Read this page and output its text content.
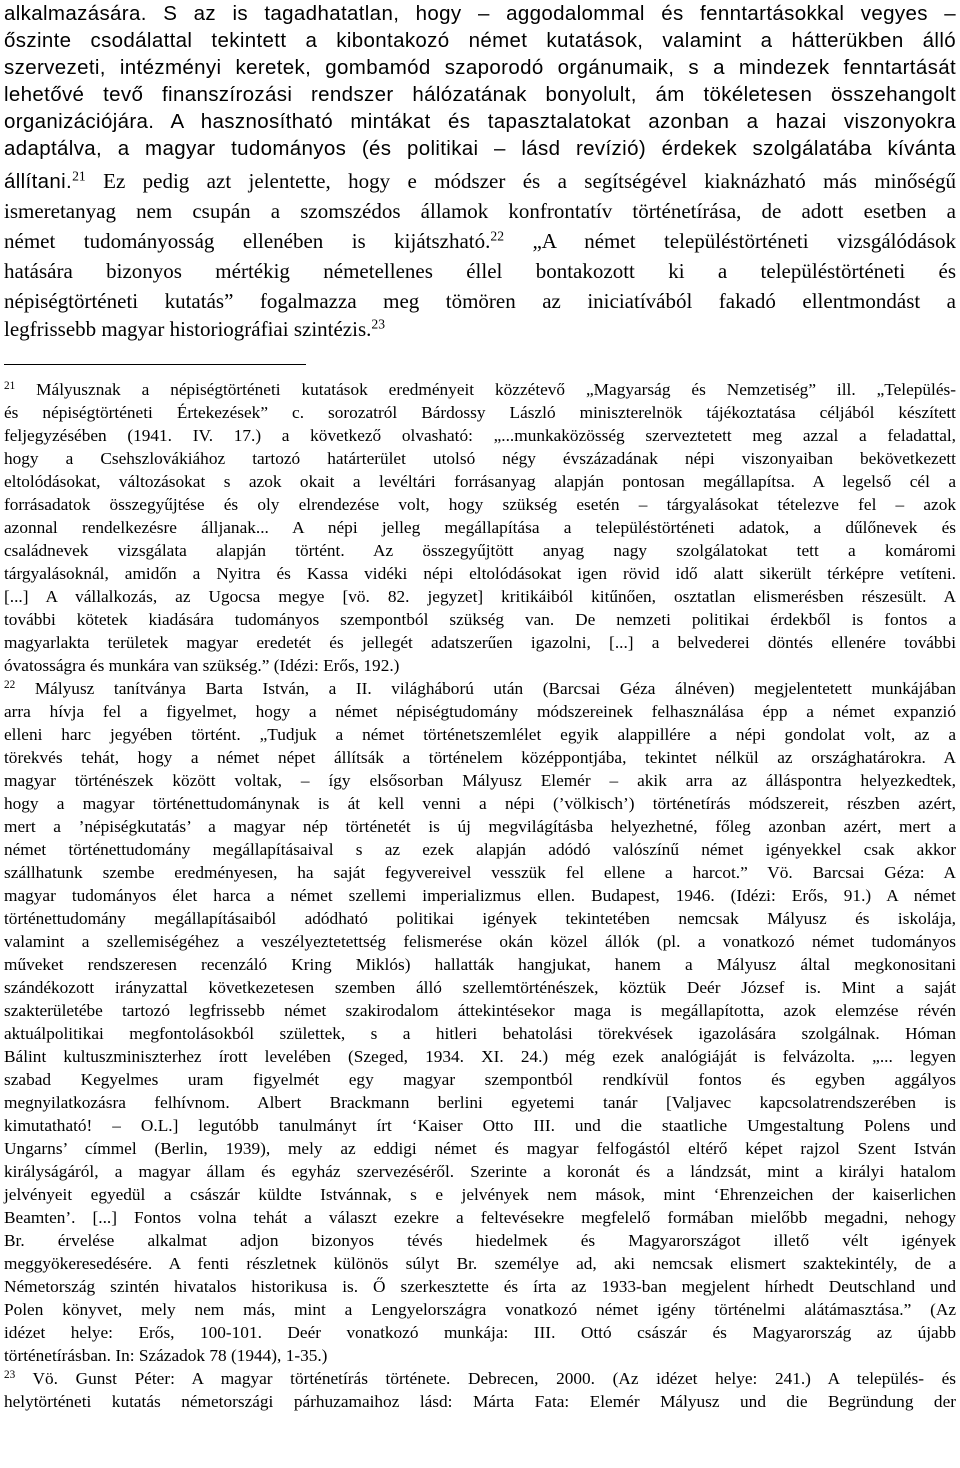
alkalmazására. S az is tagadhatatlan, hogy – aggodalommal és fenntartásokkal vegyes –
őszinte csodálattal tekintett a kibontakozó német kutatások, valamint a hátterükben álló
szervezeti, intézményi keretek, gombamód szaporodó orgánumaik, s a mindezek fenntartását
lehetővé tevő finanszírozási rendszer hálózatának bonyolult, ám tökéletesen összehangolt
organizációjára. A hasznosítható mintákat és tapasztalatokat azonban a hazai viszonyokra
adaptálva, a magyar tudományos (és politikai – lásd revízió) érdekek szolgálatába kívánta
állítani.$^{21}$ Ez pedig azt jelentette, hogy e módszer és a segítségével kiaknázható más minőségű
ismeretanyag nem csupán a szomszédos államok konfrontatív történetírása, de adott esetben a
német tudományosság ellenében is kijátszható.$^{22}$ „A német településtörténeti vizsgálódások
hatására bizonyos mértékig németellenes éllel bontakozott ki a településtörténeti és
népiségtörténeti kutatás” fogalmazza meg tömören az iniciatívából fakadó ellentmondást a
legfrissebb magyar historiográfiai szintézis.$^{23}$
$^{21}$ Mályusznak a népiségtörténeti kutatások eredményeit közzétevő „Magyarság és Nemzetiség” ill. „Település-
és népiségtörténeti Értekezések” c. sorozatról Bárdossy László miniszterelnök tájékoztatása céljából készített
feljegyzésében (1941. IV. 17.) a következő olvasható: „...munkaközösség szerveztetett meg azzal a feladattal,
hogy a Csehszlovákiához tartozó határterület utolsó négy évszázadának népi viszonyaiban bekövetkezett
eltolódásokat, változásokat s azok okait a levéltári forrásanyag alapján pontosan megállapítsa. A legelső cél a
forrásadatok összegyűjtése és oly elrendezése volt, hogy szükség esetén – tárgyalásokat tételezve fel – azok
azonnal rendelkezésre álljanak... A népi jelleg megállapítása a településtörténeti adatok, a dűlőnevek és
családnevek vizsgálata alapján történt. Az összegyűjtött anyag nagy szolgálatokat tett a komáromi
tárgyalásoknál, amidőn a Nyitra és Kassa vidéki népi eltolódásokat igen rövid idő alatt sikerült térképre vetíteni.
[...] A vállalkozás, az Ugocsa megye [vö. 82. jegyzet] kritikáiból kitűnően, osztatlan elismerésben részesült. A
további kötetek kiadására tudományos szempontból szükség van. De nemzeti politikai érdekből is fontos a
magyarlakta területek magyar eredetét és jellegét adatszerűen igazolni, [...] a belvederei döntés ellenére további
óvatosságra és munkára van szükség.” (Idézi: Erős, 192.)
$^{22}$ Mályusz tanítványa Barta István, a II. világháború után (Barcsai Géza álnéven) megjelentetett munkájában
arra hívja fel a figyelmet, hogy a német népiségtudomány módszereinek felhasználása épp a német expanzió
elleni harc jegyében történt. „Tudjuk a német történetszemlélet egyik alappillére a népi gondolat volt, az a
törekvés tehát, hogy a német népet állítsák a történelem középpontjába, tekintet nélkül az országhatárokra. A
magyar történészek között voltak, – így elsősorban Mályusz Elemér – akik arra az álláspontra helyezkedtek,
hogy a magyar történettudománynak is át kell venni a népi (’völkisch’) történetírás módszereit, részben azért,
mert a ’népiségkutatás’ a magyar nép történetét is új megvilágításba helyezhetné, főleg azonban azért, mert a
német történettudomány megállapításaival s az ezek alapján adódó valószínű német igényekkel csak akkor
szállhatunk szembe eredményesen, ha saját fegyvereivel vesszük fel ellene a harcot.” Vö. Barcsai Géza: A
magyar tudományos élet harca a német szellemi imperializmus ellen. Budapest, 1946. (Idézi: Erős, 91.) A német
történettudomány megállapításaiból adódható politikai igények tekintetében nemcsak Mályusz és iskolája,
valamint a szellemiségéhez a veszélyeztetettség felismerése okán közel állók (pl. a vonatkozó német tudományos
műveket rendszeresen recenzáló Kring Miklós) hallatták hangjukat, hanem a Mályusz által megkonositani
szándékozott irányzattal következetesen szemben álló szellemtörténészek, köztük Deér József is. Mint a saját
szakterületébe tartozó legfrissebb német szakirodalom áttekintésekor maga is megállapította, azok elemzése révén
aktuálpolitikai megfontolásokból születtek, s a hitleri behatolási törekvések igazolására szolgálnak. Hóman
Bálint kultuszminiszterhez írott levelében (Szeged, 1934. XI. 24.) még ezek analógiáját is felvázolta. „... legyen
szabad Kegyelmes uram figyelmét egy magyar szempontból rendkívül fontos és egyben aggályos
megnyilatkozásra felhívnom. Albert Brackmann berlini egyetemi tanár [Valjavec kapcsolatrendszerében is
kimutatható! – O.L.] legutóbb tanulmányt írt ‘Kaiser Otto III. und die staatliche Umgestaltung Polens und
Ungarns’ címmel (Berlin, 1939), mely az eddigi német és magyar felfogástól eltérő képet rajzol Szent István
királyságáról, a magyar állam és egyház szervezéséről. Szerinte a koronát és a lándzsát, mint a királyi hatalom
jelvényeit egyedül a császár küldte Istvánnak, s e jelvények nem mások, mint ‘Ehrenzeichen der kaiserlichen
Beamten’. [...] Fontos volna tehát a választ ezekre a feltevésekre megfelelő formában mielőbb megadni, nehogy
Br. érvelése alkalmat adjon bizonyos tévés hiedelmek és Magyarországot illető vélt igények
meggyökeresedésére. A fenti részletnek különös súlyt Br. személye ad, aki nemcsak elismert szaktekintély, de a
Németország szintén hivatalos historikusa is. Ő szerkesztette és írta az 1933-ban megjelent hírhedt Deutschland und
Polen könyvet, mely nem más, mint a Lengyelországra vonatkozó német igény történelmi alátámasztása.” (Az
idézet helye: Erős, 100-101. Deér vonatkozó munkája: III. Ottó császár és Magyarország az újabb
történetírásban. In: Századok 78 (1944), 1-35.)
$^{23}$ Vö. Gunst Péter: A magyar történetírás története. Debrecen, 2000. (Az idézet helye: 241.) A település- és
helytörténeti kutatás németországi párhuzamaihoz lásd: Márta Fata: Elemér Mályusz und die Begründung der
